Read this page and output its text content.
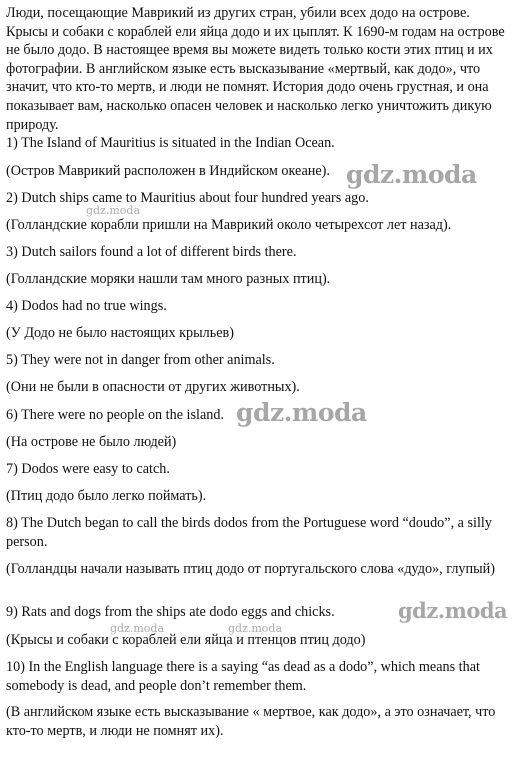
Люди, посещающие Маврикий из других стран, убили всех додо на острове. Крысы и собаки с кораблей ели яйца додо и их цыплят. К 1690-м годам на острове не было додо. В настоящее время вы можете видеть только кости этих птиц и их фотографии. В английском языке есть высказывание «мертвый, как додо», что значит, что кто-то мертв, и люди не помнят. История додо очень грустная, и она показывает вам, насколько опасен человек и насколько легко уничтожить дикую природу.

1) The Island of Mauritius is situated in the Indian Ocean.

(Остров Маврикий расположен в Индийском океане).

2) Dutch ships came to Mauritius about four hundred years ago.

(Голландские корабли пришли на Маврикий около четырехсот лет назад).

3) Dutch sailors found a lot of different birds there.

(Голландские моряки нашли там много разных птиц).

4) Dodos had no true wings.

(У Додо не было настоящих крыльев)

5) They were not in danger from other animals.

(Они не были в опасности от других животных).

6) There were no people on the island.

(На острове не было людей)

7) Dodos were easy to catch.

(Птиц додо было легко поймать).

8) The Dutch began to call the birds dodos from the Portuguese word “doudo”, a silly person.

(Голландцы начали называть птиц додо от португальского слова «дудо», глупый)

9) Rats and dogs from the ships ate dodo eggs and chicks.

(Крысы и собаки с кораблей ели яйца и птенцов птиц додо)

10) In the English language there is a saying “as dead as a dodo”, which means that somebody is dead, and people don’t remember them.

(В английском языке есть высказывание « мертвое, как додо», а это означает, что кто-то мертв, и люди не помнят их).

gdz.moda
gdz.moda
gdz.moda
gdz.moda
gdz.moda	gdz.moda
